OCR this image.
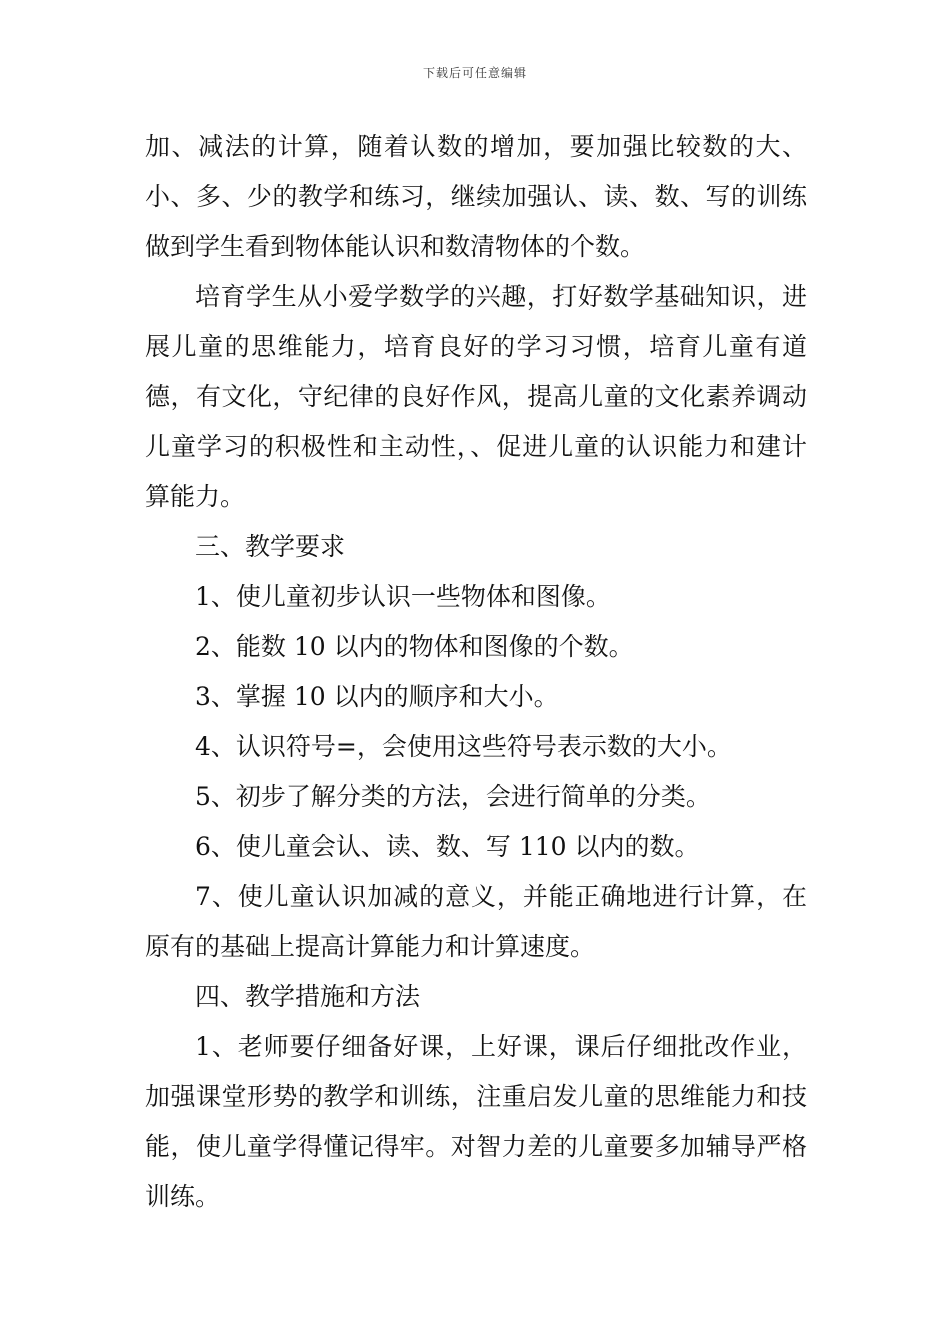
下载后可任意编辑

加、减法的计算，随着认数的增加，要加强比较数的大、小、多、少的教学和练习，继续加强认、读、数、写的训练做到学生看到物体能认识和数清物体的个数。

培育学生从小爱学数学的兴趣，打好数学基础知识，进展儿童的思维能力，培育良好的学习习惯，培育儿童有道德，有文化，守纪律的良好作风，提高儿童的文化素养调动儿童学习的积极性和主动性，、促进儿童的认识能力和建计算能力。

三、教学要求

1、使儿童初步认识一些物体和图像。

2、能数 10 以内的物体和图像的个数。

3、掌握 10 以内的顺序和大小。

4、认识符号=，会使用这些符号表示数的大小。

5、初步了解分类的方法，会进行简单的分类。

6、使儿童会认、读、数、写 110 以内的数。

7、使儿童认识加减的意义，并能正确地进行计算，在原有的基础上提高计算能力和计算速度。

四、教学措施和方法

1、老师要仔细备好课，上好课，课后仔细批改作业，加强课堂形势的教学和训练，注重启发儿童的思维能力和技能，使儿童学得懂记得牢。对智力差的儿童要多加辅导严格训练。
